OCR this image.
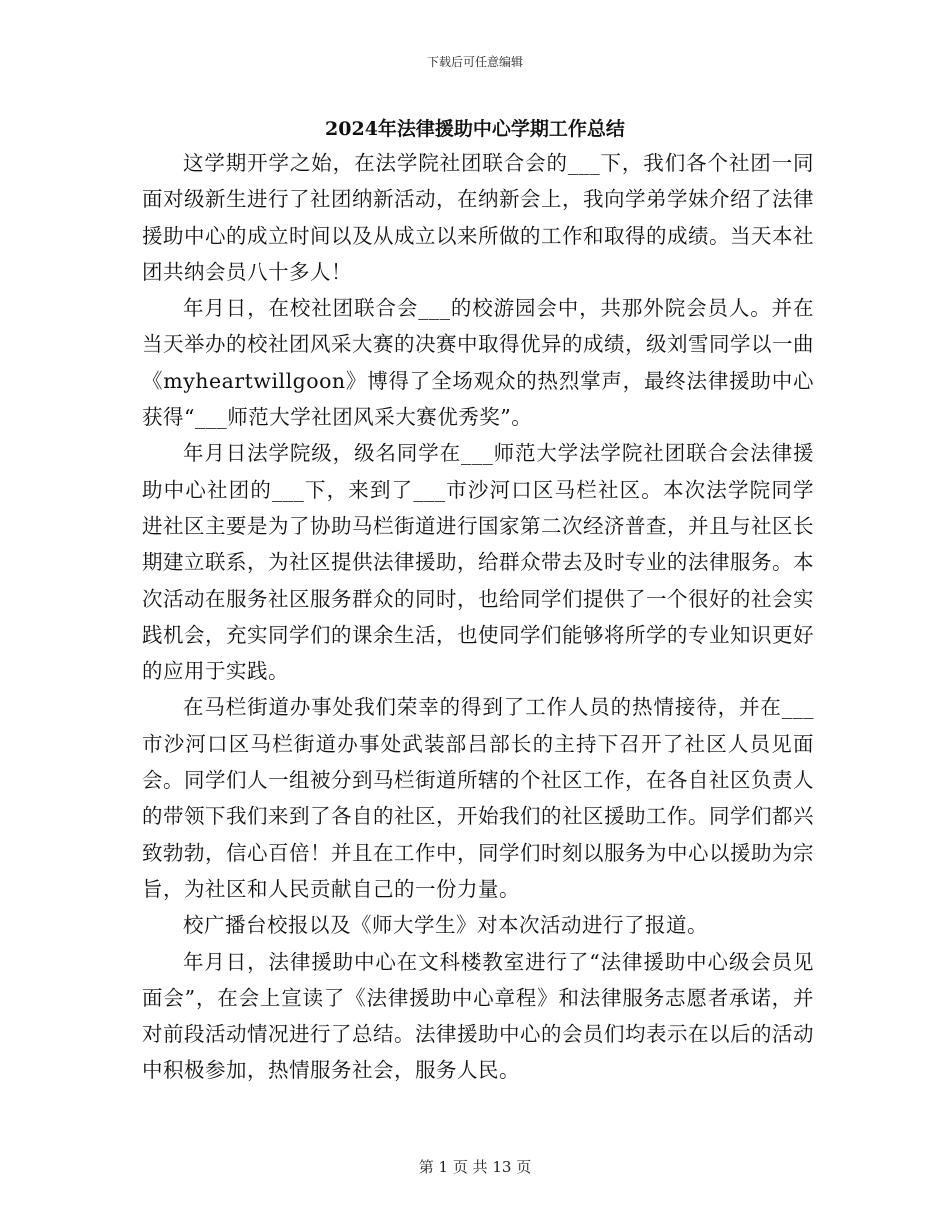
下载后可任意编辑
2024年法律援助中心学期工作总结

这学期开学之始，在法学院社团联合会的___下，我们各个社团一同面对级新生进行了社团纳新活动，在纳新会上，我向学弟学妹介绍了法律援助中心的成立时间以及从成立以来所做的工作和取得的成绩。当天本社团共纳会员八十多人！

年月日，在校社团联合会___的校游园会中，共那外院会员人。并在当天举办的校社团风采大赛的决赛中取得优异的成绩，级刘雪同学以一曲《myheartwillgoon》博得了全场观众的热烈掌声，最终法律援助中心获得“___师范大学社团风采大赛优秀奖”。

年月日法学院级，级名同学在___师范大学法学院社团联合会法律援助中心社团的___下，来到了___市沙河口区马栏社区。本次法学院同学进社区主要是为了协助马栏街道进行国家第二次经济普查，并且与社区长期建立联系，为社区提供法律援助，给群众带去及时专业的法律服务。本次活动在服务社区服务群众的同时，也给同学们提供了一个很好的社会实践机会，充实同学们的课余生活，也使同学们能够将所学的专业知识更好的应用于实践。

在马栏街道办事处我们荣幸的得到了工作人员的热情接待，并在___市沙河口区马栏街道办事处武装部吕部长的主持下召开了社区人员见面会。同学们人一组被分到马栏街道所辖的个社区工作，在各自社区负责人的带领下我们来到了各自的社区，开始我们的社区援助工作。同学们都兴致勃勃，信心百倍！并且在工作中，同学们时刻以服务为中心以援助为宗旨，为社区和人民贡献自己的一份力量。

校广播台校报以及《师大学生》对本次活动进行了报道。

年月日，法律援助中心在文科楼教室进行了“法律援助中心级会员见面会”，在会上宣读了《法律援助中心章程》和法律服务志愿者承诺，并对前段活动情况进行了总结。法律援助中心的会员们均表示在以后的活动中积极参加，热情服务社会，服务人民。

第 1 页 共 13 页
